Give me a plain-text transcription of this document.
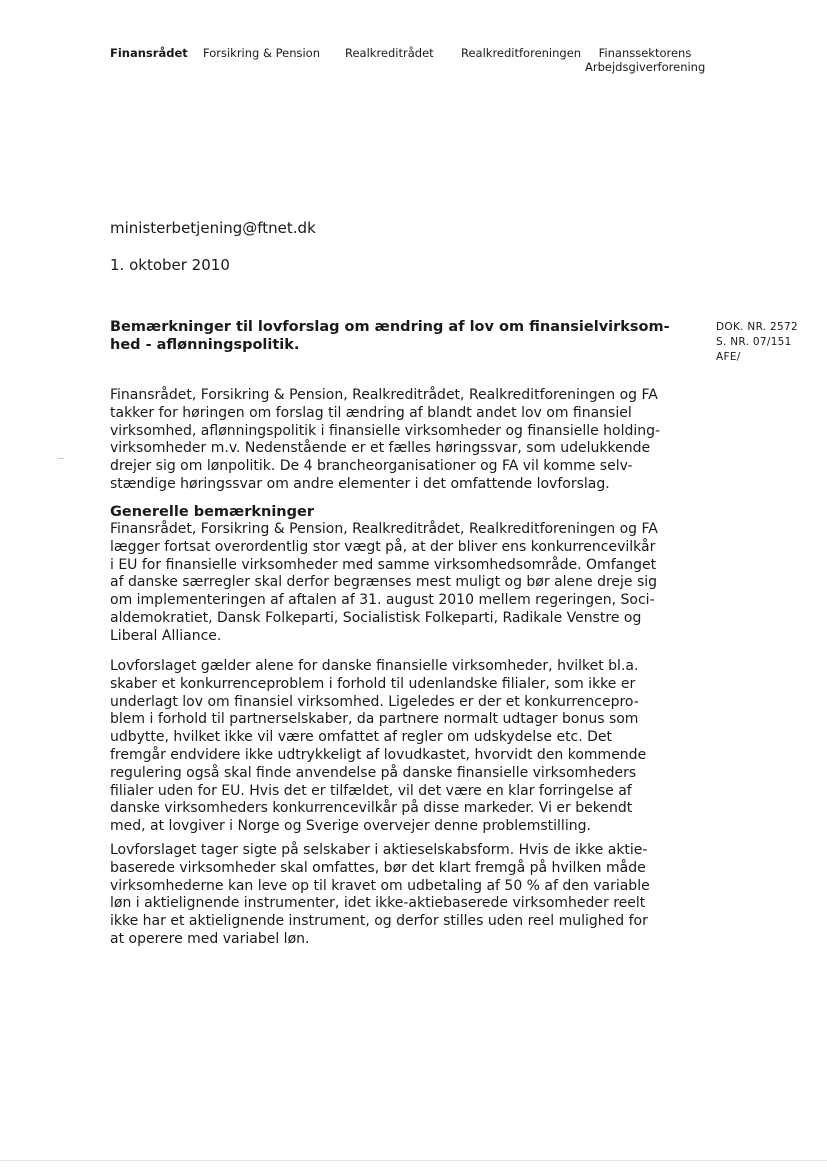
Finansrådet Forsikring & Pension Realkreditrådet Realkreditforeningen	Finanssektorens
Arbejdsgiverforening
ministerbetjening@ftnet.dk
1. oktober 2010
Bemærkninger til lovforslag om ændring af lov om finansielvirksom-
hed - aflønningspolitik.
DOK. NR. 2572
S. NR. 07/151
AFE/
Finansrådet, Forsikring & Pension, Realkreditrådet, Realkreditforeningen og FA
takker for høringen om forslag til ændring af blandt andet lov om finansiel
virksomhed, aflønningspolitik i finansielle virksomheder og finansielle holding-
virksomheder m.v. Nedenstående er et fælles høringssvar, som udelukkende
drejer sig om lønpolitik. De 4 brancheorganisationer og FA vil komme selv-
stændige høringssvar om andre elementer i det omfattende lovforslag.
Generelle bemærkninger
Finansrådet, Forsikring & Pension, Realkreditrådet, Realkreditforeningen og FA
lægger fortsat overordentlig stor vægt på, at der bliver ens konkurrencevilkår
i EU for finansielle virksomheder med samme virksomhedsområde. Omfanget
af danske særregler skal derfor begrænses mest muligt og bør alene dreje sig
om implementeringen af aftalen af 31. august 2010 mellem regeringen, Soci-
aldemokratiet, Dansk Folkeparti, Socialistisk Folkeparti, Radikale Venstre og
Liberal Alliance.
Lovforslaget gælder alene for danske finansielle virksomheder, hvilket bl.a.
skaber et konkurrenceproblem i forhold til udenlandske filialer, som ikke er
underlagt lov om finansiel virksomhed. Ligeledes er der et konkurrencepro-
blem i forhold til partnerselskaber, da partnere normalt udtager bonus som
udbytte, hvilket ikke vil være omfattet af regler om udskydelse etc. Det
fremgår endvidere ikke udtrykkeligt af lovudkastet, hvorvidt den kommende
regulering også skal finde anvendelse på danske finansielle virksomheders
filialer uden for EU. Hvis det er tilfældet, vil det være en klar forringelse af
danske virksomheders konkurrencevilkår på disse markeder. Vi er bekendt
med, at lovgiver i Norge og Sverige overvejer denne problemstilling.
Lovforslaget tager sigte på selskaber i aktieselskabsform. Hvis de ikke aktie-
baserede virksomheder skal omfattes, bør det klart fremgå på hvilken måde
virksomhederne kan leve op til kravet om udbetaling af 50 % af den variable
løn i aktielignende instrumenter, idet ikke-aktiebaserede virksomheder reelt
ikke har et aktielignende instrument, og derfor stilles uden reel mulighed for
at operere med variabel løn.
